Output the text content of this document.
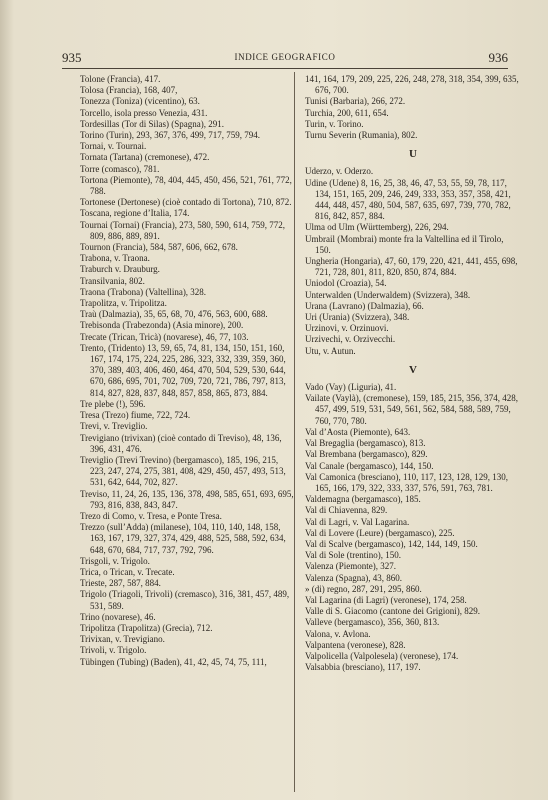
935	INDICE GEOGRAFICO	936

Tolone (Francia), 417.

Tolosa (Francia), 168, 407,

Tonezza (Toniza) (vicentino), 63.

Torcello, isola presso Venezia, 431.

Tordesillas (Tor di Silas) (Spagna), 291.

Torino (Turin), 293, 367, 376, 499, 717, 759, 794.

Tornai, v. Tournai.

Tornata (Tartana) (cremonese), 472.

Torre (comasco), 781.

Tortona (Piemonte), 78, 404, 445, 450, 456, 521, 761, 772, 788.

Tortonese (Dertonese) (cioè contado di Tortona), 710, 872.

Toscana, regione d’Italia, 174.

Tournai (Tornai) (Francia), 273, 580, 590, 614, 759, 772, 809, 886, 889, 891.

Tournon (Francia), 584, 587, 606, 662, 678.

Trabona, v. Traona.

Traburch v. Drauburg.

Transilvania, 802.

Traona (Trabona) (Valtellina), 328.

Trapolitza, v. Tripolitza.

Traù (Dalmazia), 35, 65, 68, 70, 476, 563, 600, 688.

Trebisonda (Trabezonda) (Asia minore), 200.

Trecate (Trican, Tricà) (novarese), 46, 77, 103.

Trento, (Tridento) 13, 59, 65, 74, 81, 134, 150, 151, 160, 167, 174, 175, 224, 225, 286, 323, 332, 339, 359, 360, 370, 389, 403, 406, 460, 464, 470, 504, 529, 530, 644, 670, 686, 695, 701, 702, 709, 720, 721, 786, 797, 813, 814, 827, 828, 837, 848, 857, 858, 865, 873, 884.

Tre plebe (!), 596.

Tresa (Trezo) fiume, 722, 724.

Trevi, v. Treviglio.

Trevigiano (trivixan) (cioè contado di Treviso), 48, 136, 396, 431, 476.

Treviglio (Trevi Trevino) (bergamasco), 185, 196, 215, 223, 247, 274, 275, 381, 408, 429, 450, 457, 493, 513, 531, 642, 644, 702, 827.

Treviso, 11, 24, 26, 135, 136, 378, 498, 585, 651, 693, 695, 793, 816, 838, 843, 847.

Trezo di Como, v. Tresa, e Ponte Tresa.

Trezzo (sull’Adda) (milanese), 104, 110, 140, 148, 158, 163, 167, 179, 327, 374, 429, 488, 525, 588, 592, 634, 648, 670, 684, 717, 737, 792, 796.

Trisgoli, v. Trigolo.

Trica, o Trican, v. Trecate.

Trieste, 287, 587, 884.

Trigolo (Triagoli, Trivoli) (cremasco), 316, 381, 457, 489, 531, 589.

Trino (novarese), 46.

Tripolitza (Trapolitza) (Grecia), 712.

Trivixan, v. Trevigiano.

Trivoli, v. Trigolo.

Tübingen (Tubing) (Baden), 41, 42, 45, 74, 75, 111,

141, 164, 179, 209, 225, 226, 248, 278, 318, 354, 399, 635, 676, 700.

Tunisi (Barbaria), 266, 272.

Turchia, 200, 611, 654.

Turin, v. Torino.

Turnu Severin (Rumania), 802.

U

Uderzo, v. Oderzo.

Udine (Udene) 8, 16, 25, 38, 46, 47, 53, 55, 59, 78, 117, 134, 151, 165, 209, 246, 249, 333, 353, 357, 358, 421, 444, 448, 457, 480, 504, 587, 635, 697, 739, 770, 782, 816, 842, 857, 884.

Ulma od Ulm (Württemberg), 226, 294.

Umbrail (Mombrai) monte fra la Valtellina ed il Tirolo, 150.

Ungheria (Hongaria), 47, 60, 179, 220, 421, 441, 455, 698, 721, 728, 801, 811, 820, 850, 874, 884.

Uniodol (Croazia), 54.

Unterwalden (Underwaldem) (Svizzera), 348.

Urana (Lavrano) (Dalmazia), 66.

Uri (Urania) (Svizzera), 348.

Urzinovi, v. Orzinuovi.

Urzivechi, v. Orzivecchi.

Utu, v. Autun.

V

Vado (Vay) (Liguria), 41.

Vailate (Vaylà), (cremonese), 159, 185, 215, 356, 374, 428, 457, 499, 519, 531, 549, 561, 562, 584, 588, 589, 759, 760, 770, 780.

Val d’Aosta (Piemonte), 643.

Val Bregaglia (bergamasco), 813.

Val Brembana (bergamasco), 829.

Val Canale (bergamasco), 144, 150.

Val Camonica (bresciano), 110, 117, 123, 128, 129, 130, 165, 166, 179, 322, 333, 337, 576, 591, 763, 781.

Valdemagna (bergamasco), 185.

Val di Chiavenna, 829.

Val di Lagri, v. Val Lagarina.

Val di Lovere (Leure) (bergamasco), 225.

Val di Scalve (bergamasco), 142, 144, 149, 150.

Val di Sole (trentino), 150.

Valenza (Piemonte), 327.

Valenza (Spagna), 43, 860.

» (di) regno, 287, 291, 295, 860.

Val Lagarina (di Lagri) (veronese), 174, 258.

Valle di S. Giacomo (cantone dei Grigioni), 829.

Valleve (bergamasco), 356, 360, 813.

Valona, v. Avlona.

Valpantena (veronese), 828.

Valpolicella (Valpolesela) (veronese), 174.

Valsabbia (bresciano), 117, 197.
